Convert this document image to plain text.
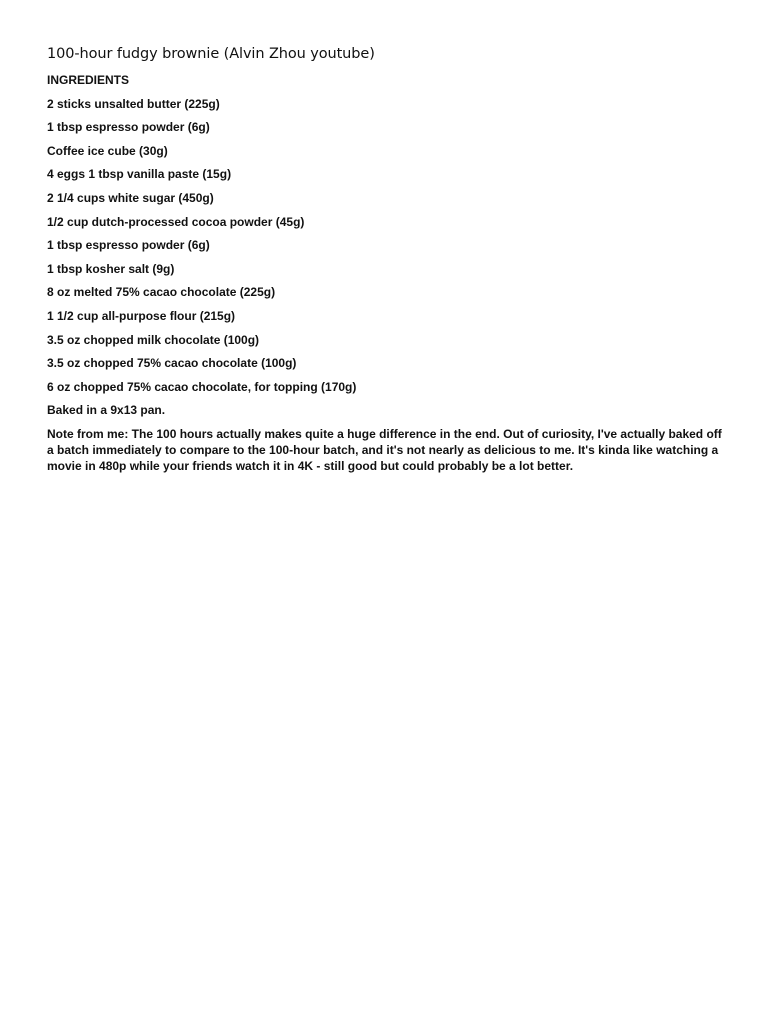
100-hour fudgy brownie (Alvin Zhou youtube)
INGREDIENTS
2 sticks unsalted butter (225g)
1 tbsp espresso powder (6g)
Coffee ice cube (30g)
4 eggs 1 tbsp vanilla paste (15g)
2 1/4 cups white sugar (450g)
1/2 cup dutch-processed cocoa powder (45g)
1 tbsp espresso powder (6g)
1 tbsp kosher salt (9g)
8 oz melted 75% cacao chocolate (225g)
1 1/2 cup all-purpose flour (215g)
3.5 oz chopped milk chocolate (100g)
3.5 oz chopped 75% cacao chocolate (100g)
6 oz chopped 75% cacao chocolate, for topping (170g)

Baked in a 9x13 pan.

Note from me: The 100 hours actually makes quite a huge difference in the end. Out of curiosity, I've actually baked off a batch immediately to compare to the 100-hour batch, and it's not nearly as delicious to me. It's kinda like watching a movie in 480p while your friends watch it in 4K - still good but could probably be a lot better.
